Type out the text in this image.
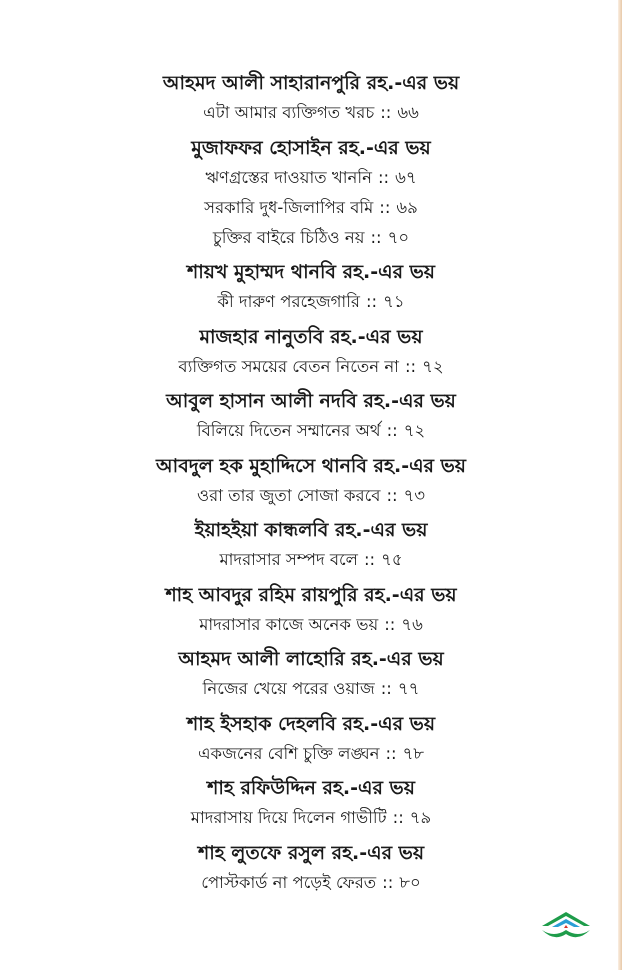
আহমদ আলী সাহারানপুরি রহ.-এর ভয়
এটা আমার ব্যক্তিগত খরচ :: ৬৬
মুজাফফর হোসাইন রহ.-এর ভয়
ঋণগ্রস্তের দাওয়াত খাননি :: ৬৭
সরকারি দুধ-জিলাপির বমি :: ৬৯
চুক্তির বাইরে চিঠিও নয় :: ৭০
শায়খ মুহাম্মদ থানবি রহ.-এর ভয়
কী দারুণ পরহেজগারি :: ৭১
মাজহার নানুতবি রহ.-এর ভয়
ব্যক্তিগত সময়ের বেতন নিতেন না :: ৭২
আবুল হাসান আলী নদবি রহ.-এর ভয়
বিলিয়ে দিতেন সম্মানের অর্থ :: ৭২
আবদুল হক মুহাদ্দিসে থানবি রহ.-এর ভয়
ওরা তার জুতা সোজা করবে :: ৭৩
ইয়াহইয়া কান্ধলবি রহ.-এর ভয়
মাদরাসার সম্পদ বলে :: ৭৫
শাহ আবদুর রহিম রায়পুরি রহ.-এর ভয়
মাদরাসার কাজে অনেক ভয় :: ৭৬
আহমদ আলী লাহোরি রহ.-এর ভয়
নিজের খেয়ে পরের ওয়াজ :: ৭৭
শাহ ইসহাক দেহলবি রহ.-এর ভয়
একজনের বেশি চুক্তি লঙ্ঘন :: ৭৮
শাহ রফিউদ্দিন রহ.-এর ভয়
মাদরাসায় দিয়ে দিলেন গাভীটি :: ৭৯
শাহ লুতফে রসুল রহ.-এর ভয়
পোস্টকার্ড না পড়েই ফেরত :: ৮০
